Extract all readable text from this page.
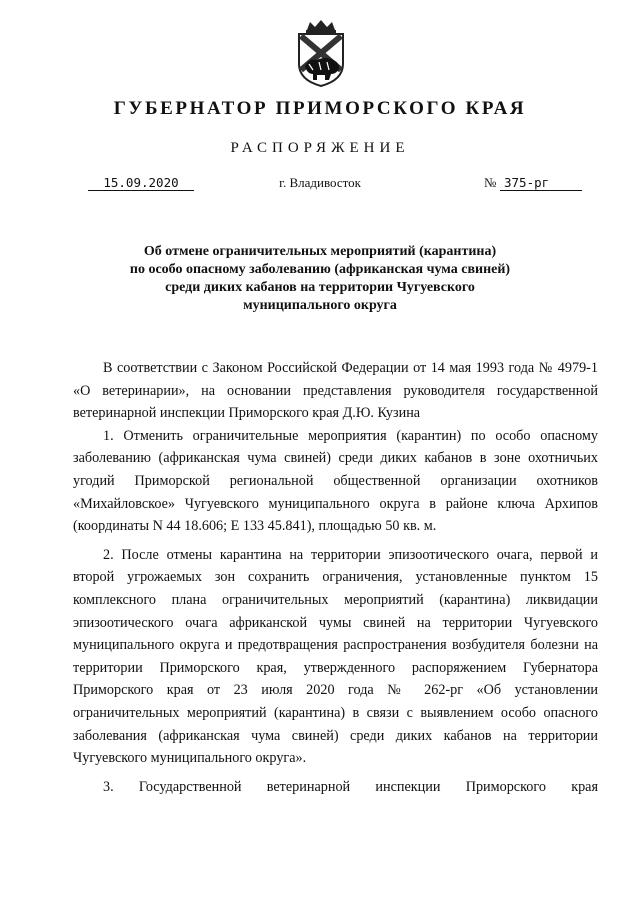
ГУБЕРНАТОР ПРИМОРСКОГО КРАЯ
РАСПОРЯЖЕНИЕ
15.09.2020	г. Владивосток	№ 375-рг
Об отмене ограничительных мероприятий (карантина)
по особо опасному заболеванию (африканская чума свиней)
среди диких кабанов на территории Чугуевского
муниципального округа

В соответствии с Законом Российской Федерации от 14 мая 1993 года № 4979-1 «О ветеринарии», на основании представления руководителя государственной ветеринарной инспекции Приморского края Д.Ю. Кузина

1. Отменить ограничительные мероприятия (карантин) по особо опасному заболеванию (африканская чума свиней) среди диких кабанов в зоне охотничьих угодий Приморской региональной общественной организации охотников «Михайловское» Чугуевского муниципального округа в районе ключа Архипов (координаты N 44 18.606; E 133 45.841), площадью 50 кв. м.

2. После отмены карантина на территории эпизоотического очага, первой и второй угрожаемых зон сохранить ограничения, установленные пунктом 15 комплексного плана ограничительных мероприятий (карантина) ликвидации эпизоотического очага африканской чумы свиней на территории Чугуевского муниципального округа и предотвращения распространения возбудителя болезни на территории Приморского края, утвержденного распоряжением Губернатора Приморского края от 23 июля 2020 года № 262-рг «Об установлении ограничительных мероприятий (карантина) в связи с выявлением особо опасного заболевания (африканская чума свиней) среди диких кабанов на территории Чугуевского муниципального округа».

3. Государственной ветеринарной инспекции Приморского края
